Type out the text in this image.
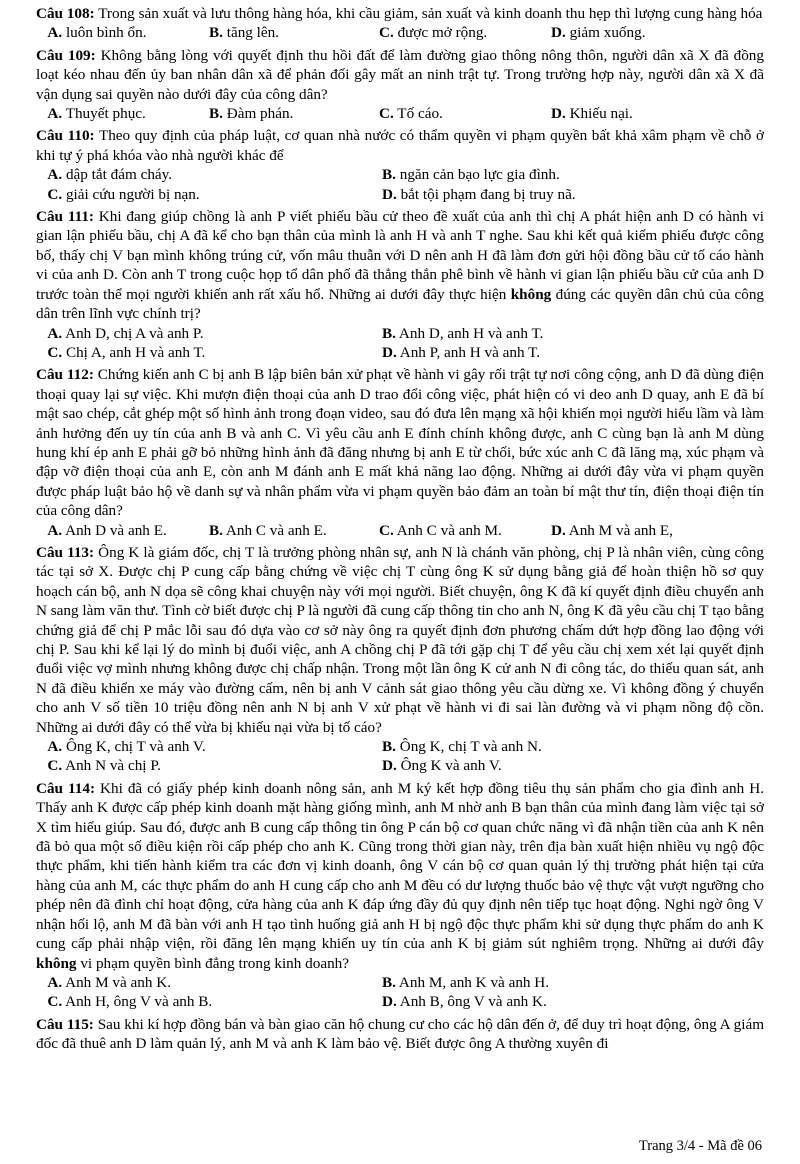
Câu 108: Trong sản xuất và lưu thông hàng hóa, khi cầu giảm, sản xuất và kinh doanh thu hẹp thì lượng cung hàng hóa
A. luôn bình ổn.	B. tăng lên.	C. được mở rộng.	D. giảm xuống.
Câu 109: Không bằng lòng với quyết định thu hồi đất để làm đường giao thông nông thôn, người dân xã X đã đồng loạt kéo nhau đến ủy ban nhân dân xã để phản đối gây mất an ninh trật tự. Trong trường hợp này, người dân xã X đã vận dụng sai quyền nào dưới đây của công dân?
A. Thuyết phục.	B. Đàm phán.	C. Tố cáo.	D. Khiếu nại.
Câu 110: Theo quy định của pháp luật, cơ quan nhà nước có thẩm quyền vi phạm quyền bất khả xâm phạm về chỗ ở khi tự ý phá khóa vào nhà người khác để
A. dập tắt đám cháy.	B. ngăn cản bạo lực gia đình.
C. giải cứu người bị nạn.	D. bắt tội phạm đang bị truy nã.
Câu 111: Khi đang giúp chồng là anh P viết phiếu bầu cử theo đề xuất của anh thì chị A phát hiện anh D có hành vi gian lận phiếu bầu, chị A đã kể cho bạn thân của mình là anh H và anh T nghe. Sau khi kết quả kiểm phiếu được công bố, thấy chị V bạn mình không trúng cử, vốn mâu thuẫn với D nên anh H đã làm đơn gửi hội đồng bầu cử tố cáo hành vi của anh D. Còn anh T trong cuộc họp tổ dân phố đã thẳng thắn phê bình về hành vi gian lận phiếu bầu cử của anh D trước toàn thể mọi người khiến anh rất xấu hổ. Những ai dưới đây thực hiện không đúng các quyền dân chủ của công dân trên lĩnh vực chính trị?
A. Anh D, chị A và anh P.	B. Anh D, anh H và anh T.
C. Chị A, anh H và anh T.	D. Anh P, anh H và anh T.
Câu 112: Chứng kiến anh C bị anh B lập biên bản xử phạt về hành vi gây rối trật tự nơi công cộng, anh D đã dùng điện thoại quay lại sự việc. Khi mượn điện thoại của anh D trao đổi công việc, phát hiện có vi deo anh D quay, anh E đã bí mật sao chép, cắt ghép một số hình ảnh trong đoạn video, sau đó đưa lên mạng xã hội khiến mọi người hiểu lầm và làm ảnh hưởng đến uy tín của anh B và anh C. Vì yêu cầu anh E đính chính không được, anh C cùng bạn là anh M dùng hung khí ép anh E phải gỡ bỏ những hình ảnh đã đăng nhưng bị anh E từ chối, bức xúc anh C đã lăng mạ, xúc phạm và đập vỡ điện thoại của anh E, còn anh M đánh anh E mất khả năng lao động. Những ai dưới đây vừa vi phạm quyền được pháp luật bảo hộ về danh sự và nhân phẩm vừa vi phạm quyền bảo đảm an toàn bí mật thư tín, điện thoại điện tín của công dân?
A. Anh D và anh E.	B. Anh C và anh E.	C. Anh C và anh M.	D. Anh M và anh E,
Câu 113: Ông K là giám đốc, chị T là trưởng phòng nhân sự, anh N là chánh văn phòng, chị P là nhân viên, cùng công tác tại sở X. Được chị P cung cấp bằng chứng về việc chị T cùng ông K sử dụng bằng giả để hoàn thiện hồ sơ quy hoạch cán bộ, anh N dọa sẽ công khai chuyện này với mọi người. Biết chuyện, ông K đã kí quyết định điều chuyển anh N sang làm văn thư. Tình cờ biết được chị P là người đã cung cấp thông tin cho anh N, ông K đã yêu cầu chị T tạo bằng chứng giả để chị P mắc lỗi sau đó dựa vào cơ sở này ông ra quyết định đơn phương chấm dứt hợp đồng lao động với chị P. Sau khi kể lại lý do mình bị đuổi việc, anh A chồng chị P đã tới gặp chị T để yêu cầu chị xem xét lại quyết định đuổi việc vợ mình nhưng không được chị chấp nhận. Trong một lần ông K cử anh N đi công tác, do thiếu quan sát, anh N đã điều khiển xe máy vào đường cấm, nên bị anh V cảnh sát giao thông yêu cầu dừng xe. Vì không đồng ý chuyển cho anh V số tiền 10 triệu đồng nên anh N bị anh V xử phạt về hành vi đi sai làn đường và vi phạm nồng độ cồn. Những ai dưới đây có thể vừa bị khiếu nại vừa bị tố cáo?
A. Ông K, chị T và anh V.	B. Ông K, chị T và anh N.
C. Anh N và chị P.	D. Ông K và anh V.
Câu 114: Khi đã có giấy phép kinh doanh nông sản, anh M ký kết hợp đồng tiêu thụ sản phẩm cho gia đình anh H. Thấy anh K được cấp phép kinh doanh mặt hàng giống mình, anh M nhờ anh B bạn thân của mình đang làm việc tại sở X tìm hiểu giúp. Sau đó, được anh B cung cấp thông tin ông P cán bộ cơ quan chức năng vì đã nhận tiền của anh K nên đã bỏ qua một số điều kiện rồi cấp phép cho anh K. Cũng trong thời gian này, trên địa bàn xuất hiện nhiều vụ ngộ độc thực phẩm, khi tiến hành kiểm tra các đơn vị kinh doanh, ông V cán bộ cơ quan quản lý thị trường phát hiện tại cửa hàng của anh M, các thực phẩm do anh H cung cấp cho anh M đều có dư lượng thuốc bảo vệ thực vật vượt ngưỡng cho phép nên đã đình chỉ hoạt động, cửa hàng của anh K đáp ứng đầy đủ quy định nên tiếp tục hoạt động. Nghi ngờ ông V nhận hối lộ, anh M đã bàn với anh H tạo tình huống giả anh H bị ngộ độc thực phẩm khi sử dụng thực phẩm do anh K cung cấp phải nhập viện, rồi đăng lên mạng khiến uy tín của anh K bị giảm sút nghiêm trọng. Những ai dưới đây không vi phạm quyền bình đẳng trong kinh doanh?
A. Anh M và anh K.	B. Anh M, anh K và anh H.
C. Anh H, ông V và anh B.	D. Anh B, ông V và anh K.
Câu 115: Sau khi kí hợp đồng bán và bàn giao căn hộ chung cư cho các hộ dân đến ở, để duy trì hoạt động, ông A giám đốc đã thuê anh D làm quản lý, anh M và anh K làm bảo vệ. Biết được ông A thường xuyên đi
Trang 3/4 - Mã đề 06
